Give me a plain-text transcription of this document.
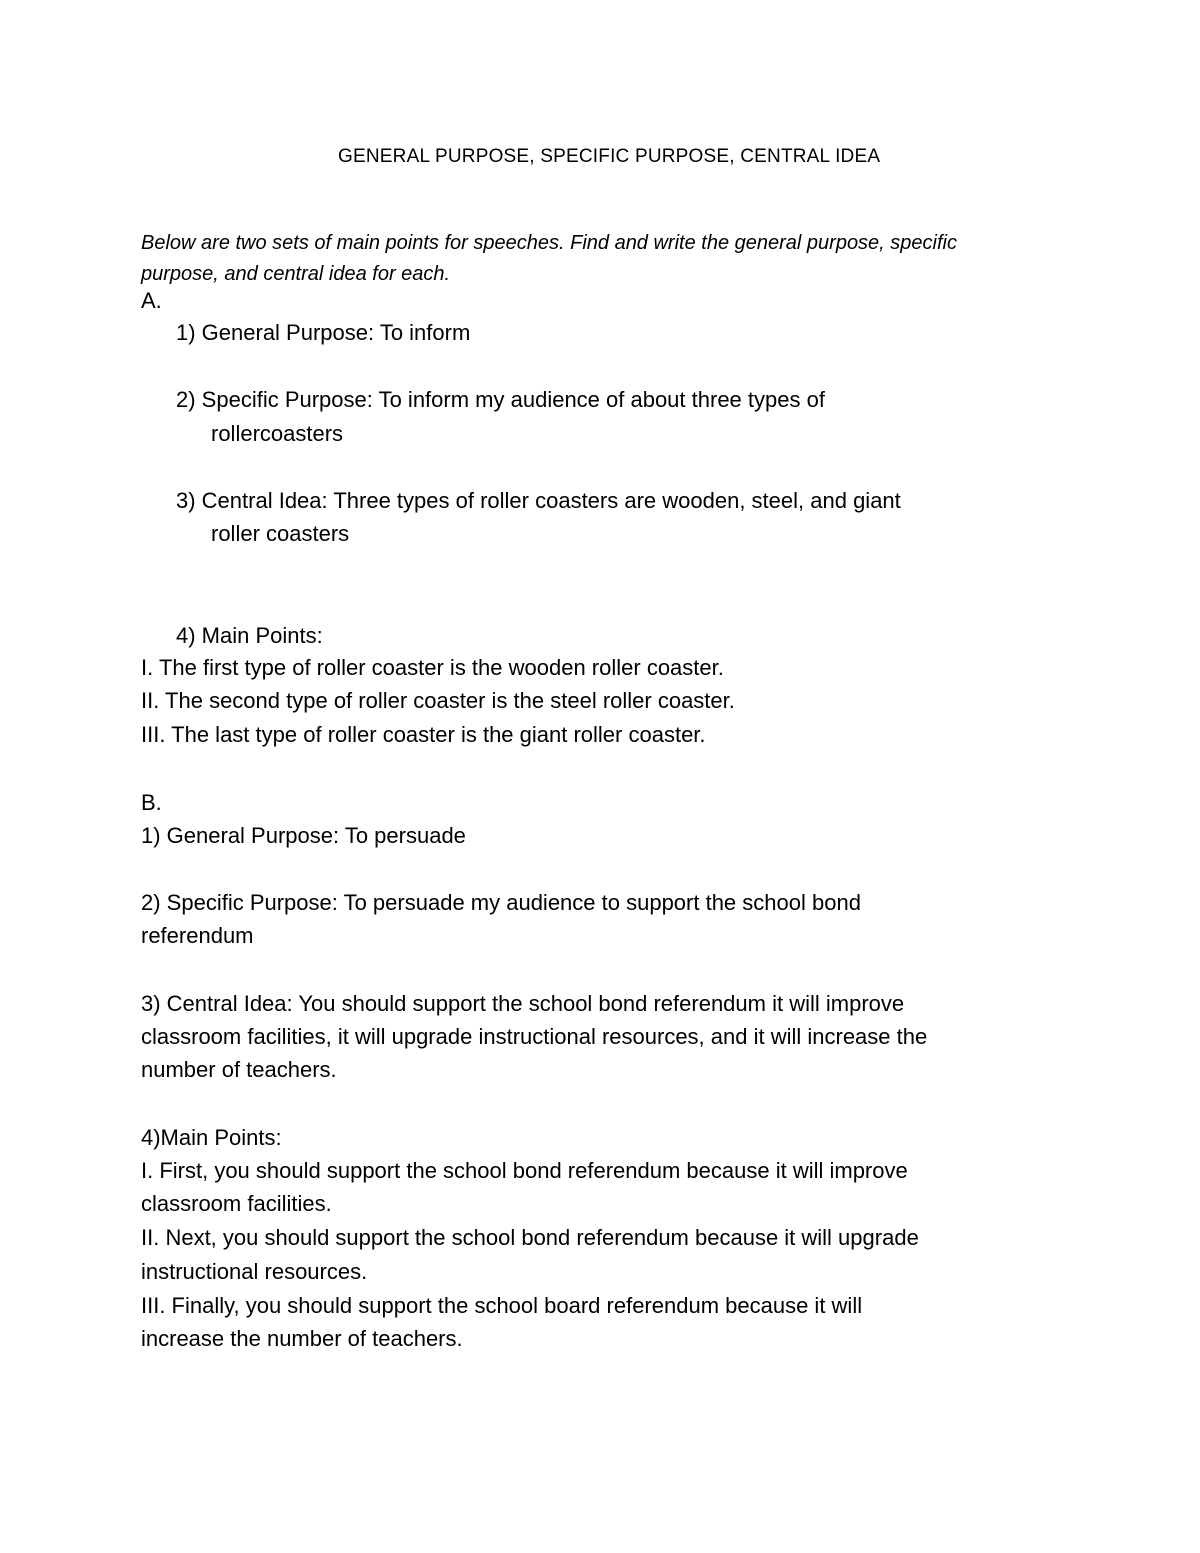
GENERAL PURPOSE, SPECIFIC PURPOSE, CENTRAL IDEA
Below are two sets of main points for speeches. Find and write the general purpose, specific
purpose, and central idea for each.
A.
1) General Purpose: To inform
2) Specific Purpose: To inform my audience of about three types of
rollercoasters
3) Central Idea: Three types of roller coasters are wooden, steel, and giant
roller coasters
4) Main Points:
I. The first type of roller coaster is the wooden roller coaster.
II. The second type of roller coaster is the steel roller coaster.
III. The last type of roller coaster is the giant roller coaster.
B.
1) General Purpose: To persuade
2) Specific Purpose: To persuade my audience to support the school bond
referendum
3) Central Idea: You should support the school bond referendum it will improve
classroom facilities, it will upgrade instructional resources, and it will increase the
number of teachers.
4)Main Points:
I. First, you should support the school bond referendum because it will improve
classroom facilities.
II. Next, you should support the school bond referendum because it will upgrade
instructional resources.
III. Finally, you should support the school board referendum because it will
increase the number of teachers.
